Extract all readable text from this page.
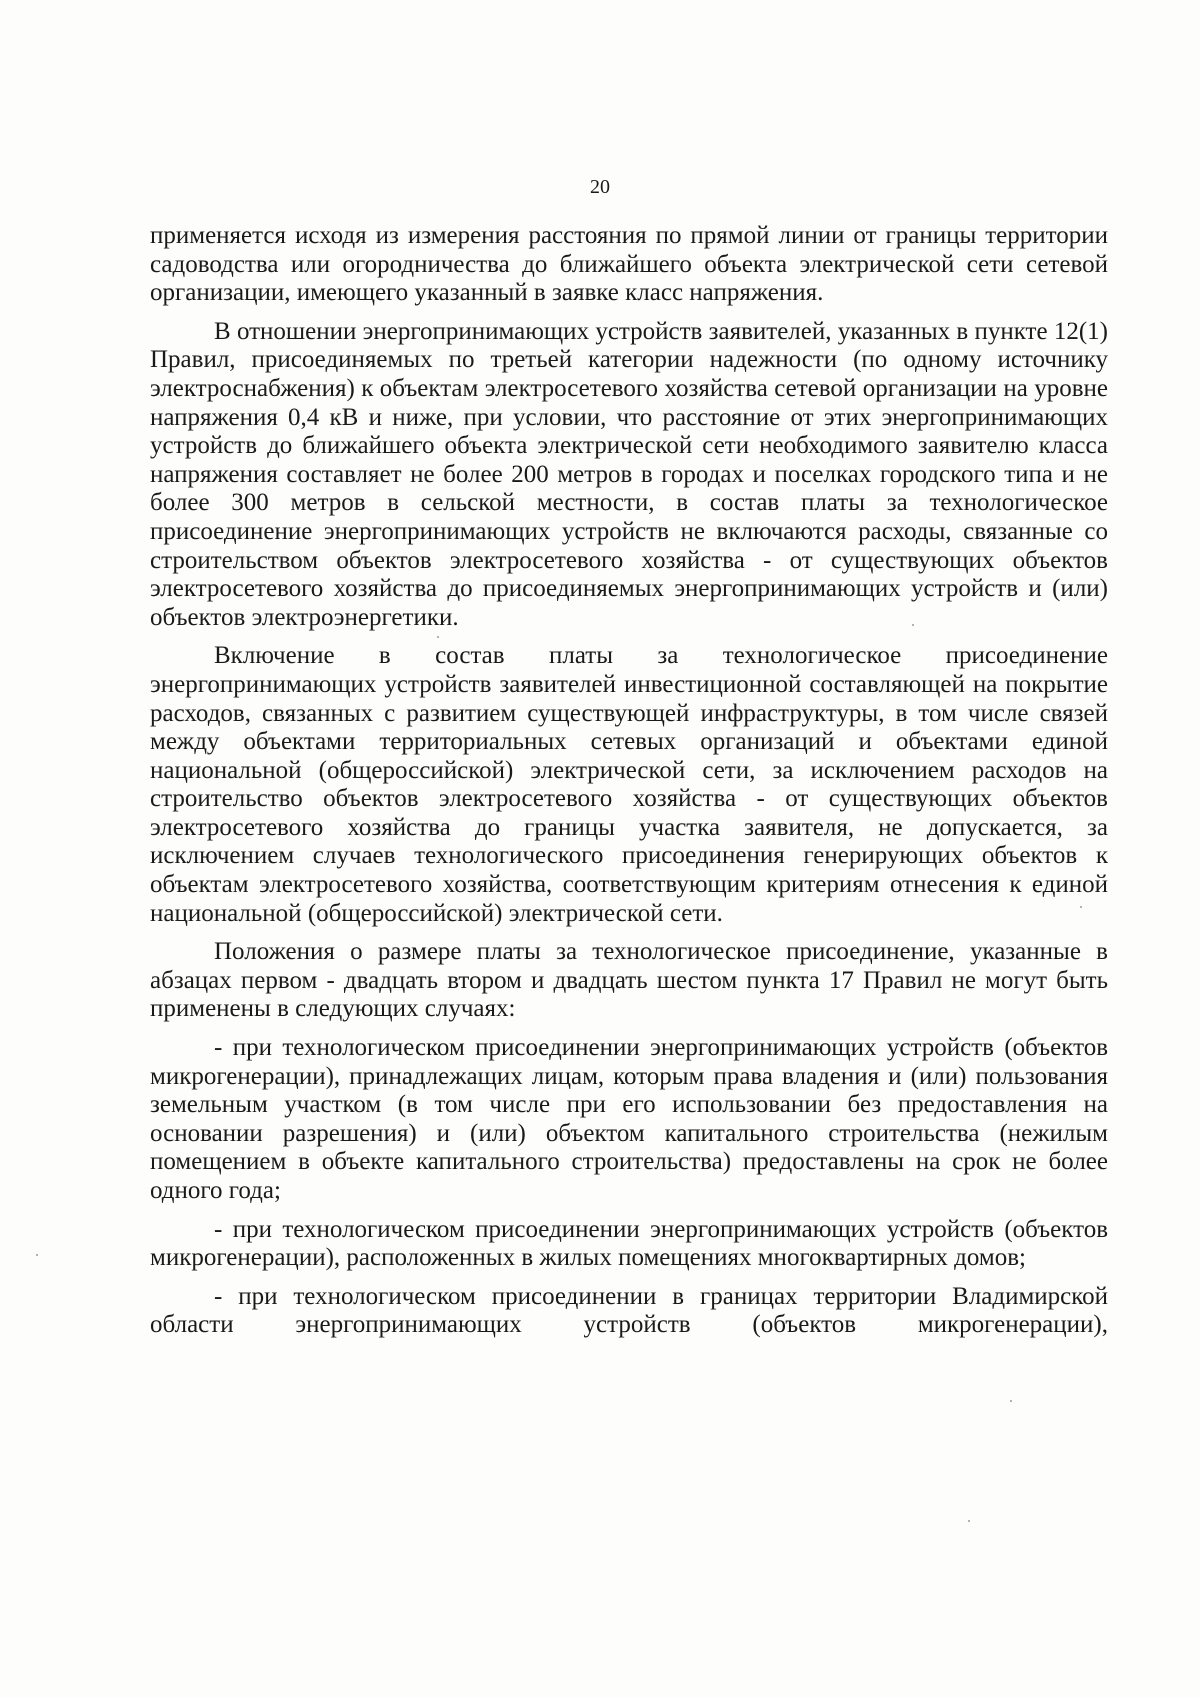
20

применяется исходя из измерения расстояния по прямой линии от границы территории садоводства или огородничества до ближайшего объекта электрической сети сетевой организации, имеющего указанный в заявке класс напряжения.

В отношении энергопринимающих устройств заявителей, указанных в пункте 12(1) Правил, присоединяемых по третьей категории надежности (по одному источнику электроснабжения) к объектам электросетевого хозяйства сетевой организации на уровне напряжения 0,4 кВ и ниже, при условии, что расстояние от этих энергопринимающих устройств до ближайшего объекта электрической сети необходимого заявителю класса напряжения составляет не более 200 метров в городах и поселках городского типа и не более 300 метров в сельской местности, в состав платы за технологическое присоединение энергопринимающих устройств не включаются расходы, связанные со строительством объектов электросетевого хозяйства - от существующих объектов электросетевого хозяйства до присоединяемых энергопринимающих устройств и (или) объектов электроэнергетики.

Включение в состав платы за технологическое присоединение энергопринимающих устройств заявителей инвестиционной составляющей на покрытие расходов, связанных с развитием существующей инфраструктуры, в том числе связей между объектами территориальных сетевых организаций и объектами единой национальной (общероссийской) электрической сети, за исключением расходов на строительство объектов электросетевого хозяйства - от существующих объектов электросетевого хозяйства до границы участка заявителя, не допускается, за исключением случаев технологического присоединения генерирующих объектов к объектам электросетевого хозяйства, соответствующим критериям отнесения к единой национальной (общероссийской) электрической сети.

Положения о размере платы за технологическое присоединение, указанные в абзацах первом - двадцать втором и двадцать шестом пункта 17 Правил не могут быть применены в следующих случаях:

- при технологическом присоединении энергопринимающих устройств (объектов микрогенерации), принадлежащих лицам, которым права владения и (или) пользования земельным участком (в том числе при его использовании без предоставления на основании разрешения) и (или) объектом капитального строительства (нежилым помещением в объекте капитального строительства) предоставлены на срок не более одного года;

- при технологическом присоединении энергопринимающих устройств (объектов микрогенерации), расположенных в жилых помещениях многоквартирных домов;

- при технологическом присоединении в границах территории Владимирской области энергопринимающих устройств (объектов микрогенерации),
